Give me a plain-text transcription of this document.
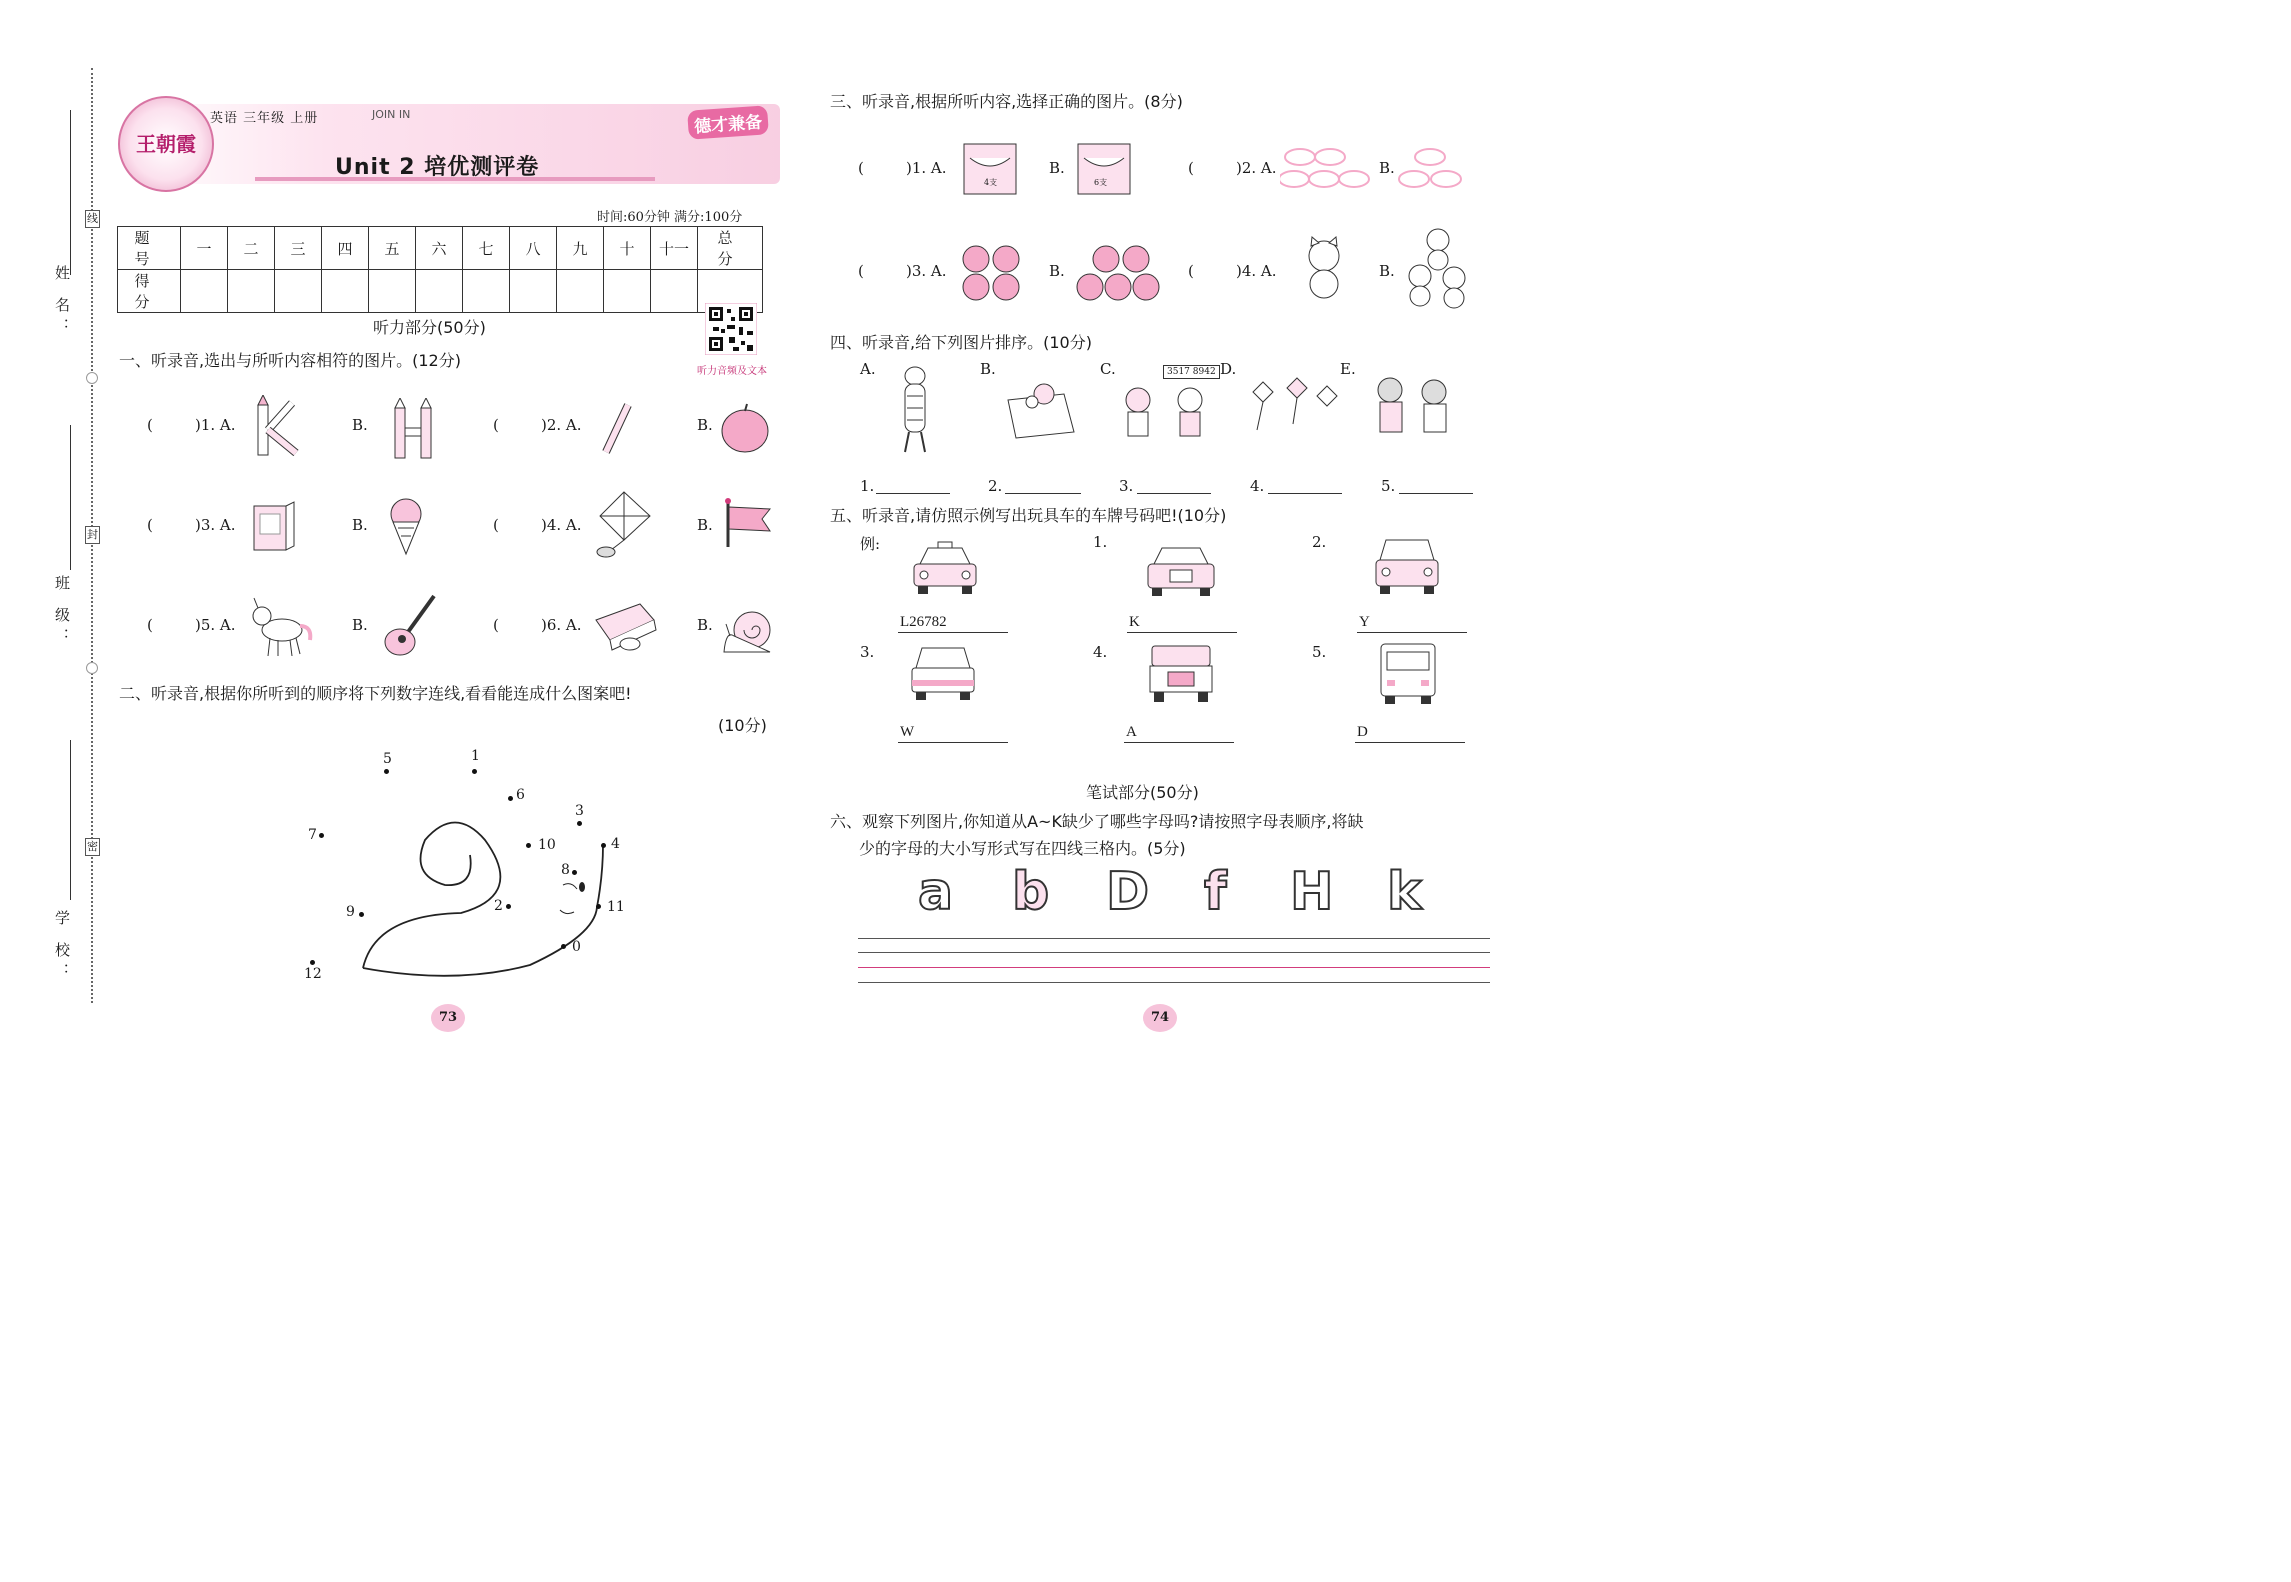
姓 名：
线
班 级：
封
学 校：
密
王朝霞
英语 三年级 上册	JOIN IN
Unit 2 培优测评卷
德才兼备
时间:60分钟 满分:100分
题 号	一	二	三	四	五	六	七	八	九	十	十一	总 分
得 分												
听力部分(50分)
听力音频及文本
一、听录音,选出与所听内容相符的图片。(12分)
(	)1. A.	B.	(	)2. A.	B.
(	)3. A.	B.	(	)4. A.	B.
(	)5. A.	B.	(	)6. A.	B.
二、听录音,根据你所听到的顺序将下列数字连线,看看能连成什么图案吧!
(10分)
5	1
6
3
7
10	4
8
9	2	11
0
12
73
三、听录音,根据所听内容,选择正确的图片。(8分)
(	)1. A.
4支
B.
6支
(	)2. A.	B.
(	)3. A.	B.	(	)4. A.	B.
四、听录音,给下列图片排序。(10分)
A.	B.	C.	D.	E.
3517 8942
1.	2.	3.	4.	5.
五、听录音,请仿照示例写出玩具车的车牌号码吧!(10分)
例:	1.	2.
3.	4.	5.
L26782	K	Y
W	A	D
笔试部分(50分)
六、观察下列图片,你知道从A~K缺少了哪些字母吗?请按照字母表顺序,将缺
少的字母的大小写形式写在四线三格内。(5分)
a b D f H k
74
